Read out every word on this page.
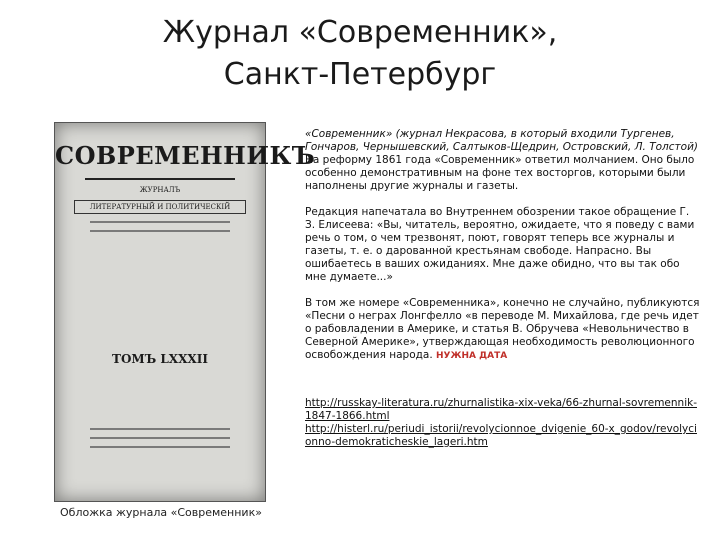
Журнал «Современник»,
Санкт-Петербург
СОВРЕМЕННИКЪ
ЖУРНАЛЪ
ЛИТЕРАТУРНЫЙ И ПОЛИТИЧЕСКІЙ
ТОМЪ LXXXII
Обложка журнала «Современник»

«Современник» (журнал Некрасова, в который входили Тургенев, Гончаров, Чернышевский, Салтыков-Щедрин, Островский, Л. Толстой)

На реформу 1861 года «Современник» ответил молчанием. Оно было особенно демонстративным на фоне тех восторгов, которыми были наполнены другие журналы и газеты.

Редакция напечатала во Внутреннем обозрении такое обращение Г. З. Елисеева: «Вы, читатель, вероятно, ожидаете, что я поведу с вами речь о том, о чем трезвонят, поют, говорят теперь все журналы и газеты, т. е. о дарованной крестьянам свободе. Напрасно. Вы ошибаетесь в ваших ожиданиях. Мне даже обидно, что вы так обо мне думаете...»

В том же номере «Современника», конечно не случайно, публикуются «Песни о неграх Лонгфелло «в переводе М. Михайлова, где речь идет о рабовладении в Америке, и статья В. Обручева «Невольничество в Северной Америке», утверждающая необходимость революционного освобождения народа. НУЖНА ДАТА

http://russkay-literatura.ru/zhurnalistika-xix-veka/66-zhurnal-sovremennik-1847-1866.html
http://histerl.ru/periudi_istorii/revolycionnoe_dvigenie_60-x_godov/revolycionno-demokraticheskie_lageri.htm
